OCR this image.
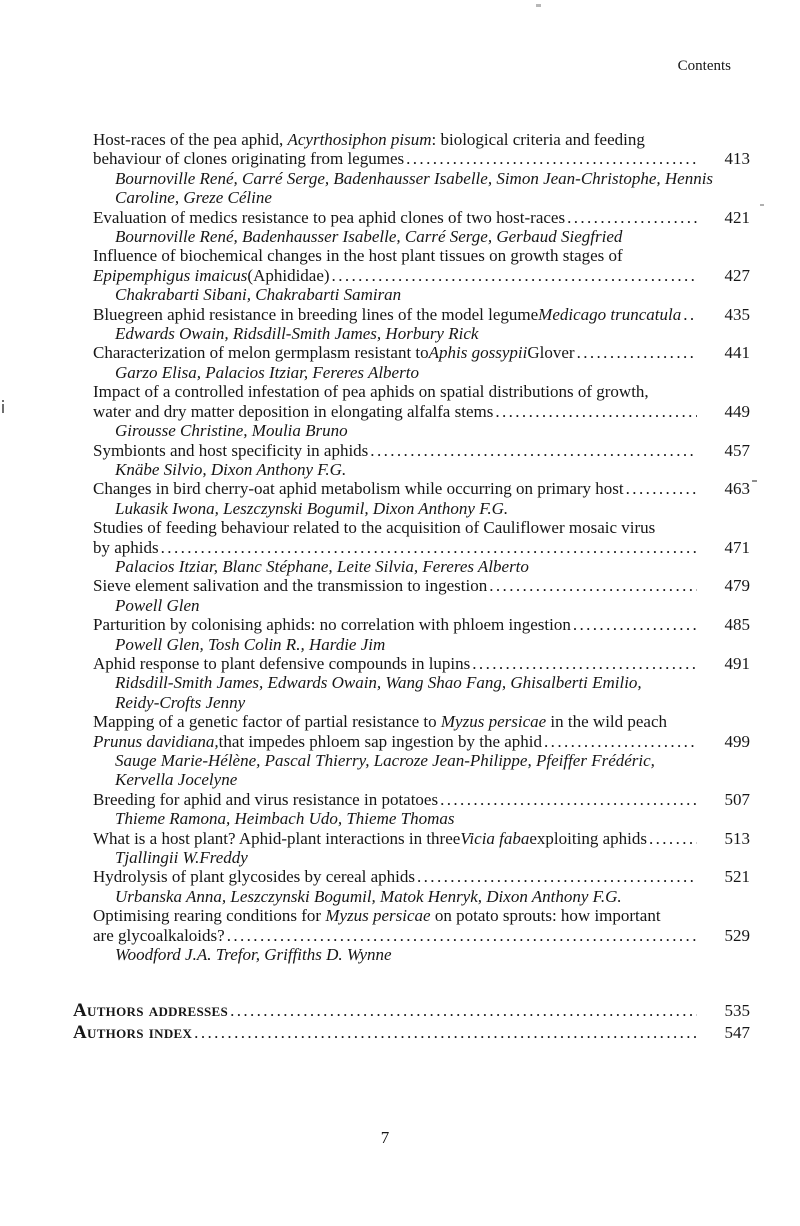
Contents
Host-races of the pea aphid, Acyrthosiphon pisum: biological criteria and feeding
behaviour of clones originating from legumes .....	413
Bournoville René, Carré Serge, Badenhausser Isabelle, Simon Jean-Christophe, Hennis
Caroline, Greze Céline
Evaluation of medics resistance to pea aphid clones of two host-races .....	421
Bournoville René, Badenhausser Isabelle, Carré Serge, Gerbaud Siegfried
Influence of biochemical changes in the host plant tissues on growth stages of
Epipemphigus imaicus (Aphididae) .....	427
Chakrabarti Sibani, Chakrabarti Samiran
Bluegreen aphid resistance in breeding lines of the model legume Medicago truncatula .....	435
Edwards Owain, Ridsdill-Smith James, Horbury Rick
Characterization of melon germplasm resistant to Aphis gossypii Glover .....	441
Garzo Elisa, Palacios Itziar, Fereres Alberto
Impact of a controlled infestation of pea aphids on spatial distributions of growth,
water and dry matter deposition in elongating alfalfa stems .....	449
Girousse Christine, Moulia Bruno
Symbionts and host specificity in aphids .....	457
Knäbe Silvio, Dixon Anthony F.G.
Changes in bird cherry-oat aphid metabolism while occurring on primary host .....	463
Lukasik Iwona, Leszczynski Bogumil, Dixon Anthony F.G.
Studies of feeding behaviour related to the acquisition of Cauliflower mosaic virus
by aphids .....	471
Palacios Itziar, Blanc Stéphane, Leite Silvia, Fereres Alberto
Sieve element salivation and the transmission to ingestion .....	479
Powell Glen
Parturition by colonising aphids: no correlation with phloem ingestion .....	485
Powell Glen, Tosh Colin R., Hardie Jim
Aphid response to plant defensive compounds in lupins .....	491
Ridsdill-Smith James, Edwards Owain, Wang Shao Fang, Ghisalberti Emilio,
Reidy-Crofts Jenny
Mapping of a genetic factor of partial resistance to Myzus persicae in the wild peach
Prunus davidiana, that impedes phloem sap ingestion by the aphid .....	499
Sauge Marie-Hélène, Pascal Thierry, Lacroze Jean-Philippe, Pfeiffer Frédéric,
Kervella Jocelyne
Breeding for aphid and virus resistance in potatoes .....	507
Thieme Ramona, Heimbach Udo, Thieme Thomas
What is a host plant? Aphid-plant interactions in three Vicia faba exploiting aphids .....	513
Tjallingii W.Freddy
Hydrolysis of plant glycosides by cereal aphids .....	521
Urbanska Anna, Leszczynski Bogumil, Matok Henryk, Dixon Anthony F.G.
Optimising rearing conditions for Myzus persicae on potato sprouts: how important
are glycoalkaloids? .....	529
Woodford J.A. Trefor, Griffiths D. Wynne
Authors addresses .....	535
Authors index .....	547
7
